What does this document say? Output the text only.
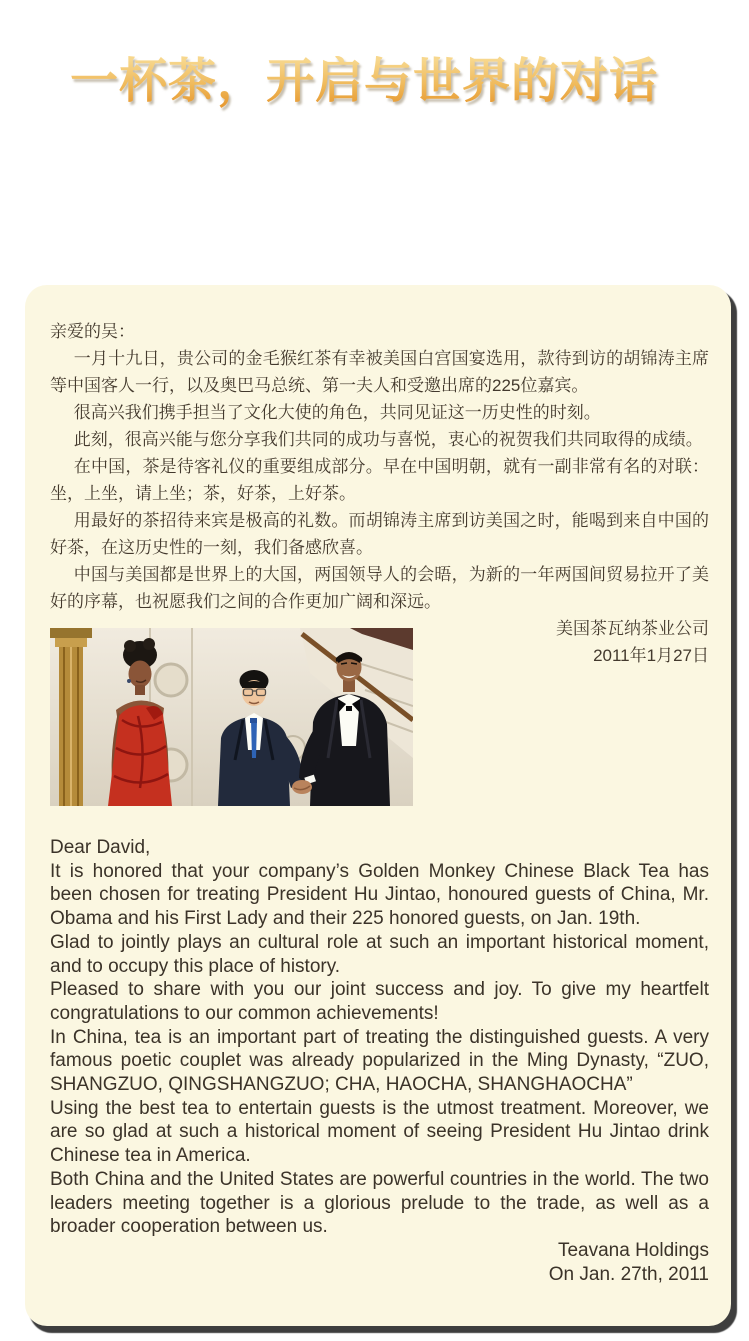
一杯茶，开启与世界的对话

亲爱的吴：

一月十九日，贵公司的金毛猴红茶有幸被美国白宫国宴选用，款待到访的胡锦涛主席等中国客人一行，以及奥巴马总统、第一夫人和受邀出席的225位嘉宾。

很高兴我们携手担当了文化大使的角色，共同见证这一历史性的时刻。

此刻，很高兴能与您分享我们共同的成功与喜悦，衷心的祝贺我们共同取得的成绩。

在中国，茶是待客礼仪的重要组成部分。早在中国明朝，就有一副非常有名的对联：坐，上坐，请上坐；茶，好茶，上好茶。

用最好的茶招待来宾是极高的礼数。而胡锦涛主席到访美国之时，能喝到来自中国的好茶，在这历史性的一刻，我们备感欣喜。

中国与美国都是世界上的大国，两国领导人的会晤，为新的一年两国间贸易拉开了美好的序幕，也祝愿我们之间的合作更加广阔和深远。

美国茶瓦纳茶业公司

2011年1月27日

Dear David,

It is honored that your company’s Golden Monkey Chinese Black Tea has been chosen for treating President Hu Jintao, honoured guests of China, Mr. Obama and his First Lady and their 225 honored guests, on Jan. 19th.

Glad to jointly plays an cultural role at such an important historical moment, and to occupy this place of history.

Pleased to share with you our joint success and joy. To give my heartfelt congratulations to our common achievements!

In China, tea is an important part of treating the distinguished guests. A very famous poetic couplet was already popularized in the Ming Dynasty, “ZUO, SHANGZUO, QINGSHANGZUO; CHA, HAOCHA, SHANGHAOCHA”

Using the best tea to entertain guests is the utmost treatment. Moreover, we are so glad at such a historical moment of seeing President Hu Jintao drink Chinese tea in America.

Both China and the United States are powerful countries in the world. The two leaders meeting together is a glorious prelude to the trade, as well as a broader cooperation between us.

Teavana Holdings

On Jan. 27th, 2011
